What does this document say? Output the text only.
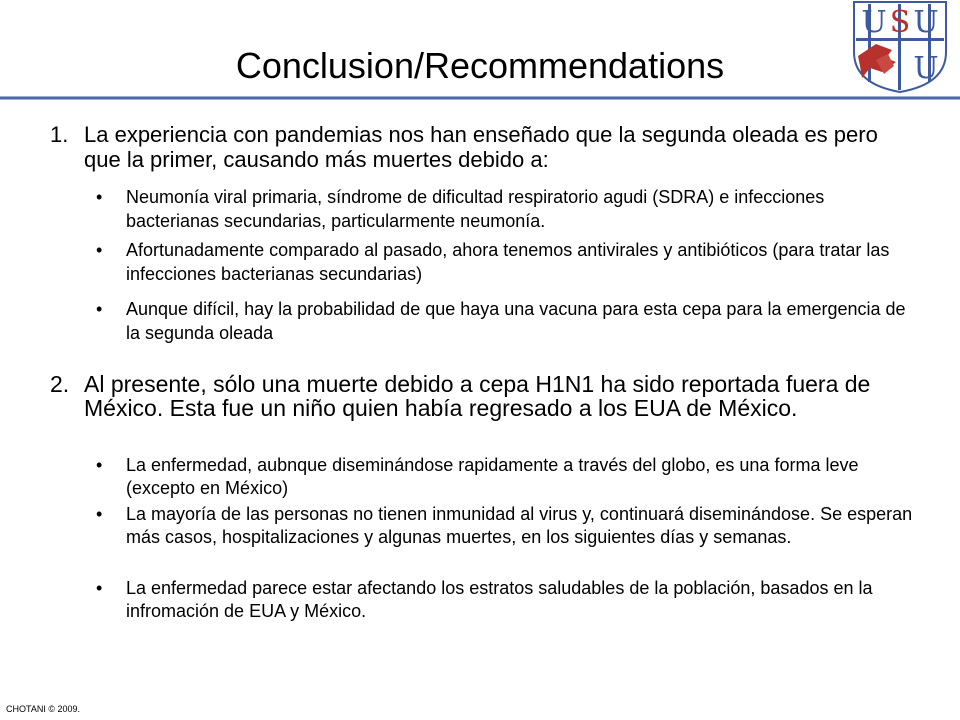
U S U
U
Conclusion/Recommendations
1. La experiencia con pandemias nos han enseñado que la segunda oleada es pero que la primer, causando más muertes debido a:
•	Neumonía viral primaria, síndrome de dificultad respiratorio agudi (SDRA) e infecciones bacterianas secundarias, particularmente neumonía.
•	Afortunadamente comparado al pasado, ahora tenemos antivirales y antibióticos (para tratar las infecciones bacterianas secundarias)
•	Aunque difícil, hay la probabilidad de que haya una vacuna para esta cepa para la emergencia de la segunda oleada
2. Al presente, sólo una muerte debido a cepa H1N1 ha sido reportada fuera de México. Esta fue un niño quien había regresado a los EUA de México.
•	La enfermedad, aubnque diseminándose rapidamente a través del globo, es una forma leve (excepto en México)
•	La mayoría de las personas no tienen inmunidad al virus y, continuará diseminándose. Se esperan más casos, hospitalizaciones y algunas muertes, en los siguientes días y semanas.
•	La enfermedad parece estar afectando los estratos saludables de la población, basados en la infromación de EUA y México.
CHOTANI © 2009.
